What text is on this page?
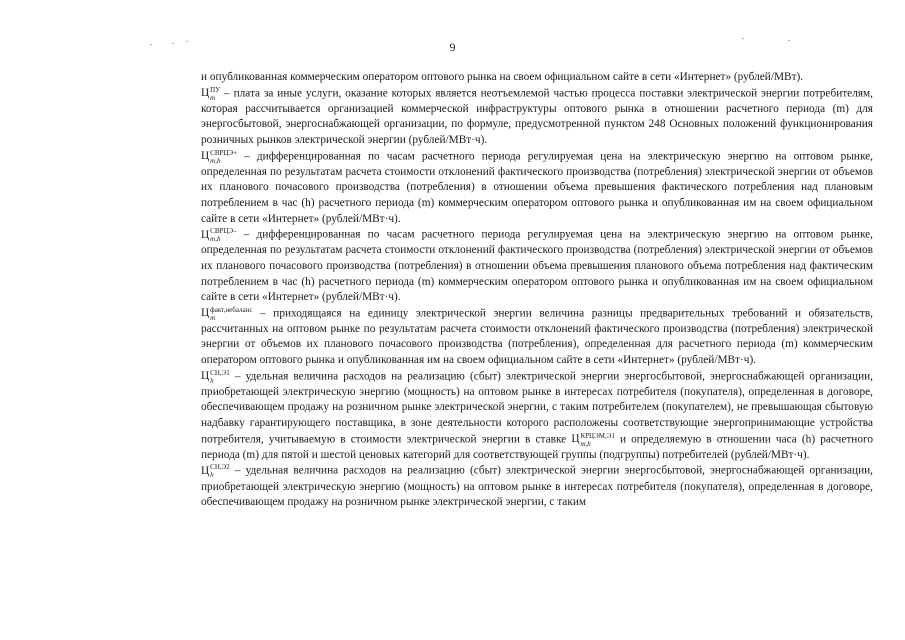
9

и опубликованная коммерческим оператором оптового рынка на своем официальном сайте в сети «Интернет» (рублей/МВт).

Ц ПУ
m – плата за иные услуги, оказание которых является неотъемлемой частью процесса поставки электрической энергии потребителям, которая рассчитывается организацией коммерческой инфраструктуры оптового рынка в отношении расчетного периода (m) для энергосбытовой, энергоснабжающей организации, по формуле, предусмотренной пунктом 248 Основных положений функционирования розничных рынков электрической энергии (рублей/МВт·ч).

Ц СВРЦЭ+
m,h	– дифференцированная по часам расчетного периода регулируемая цена на электрическую энергию на оптовом рынке, определенная по результатам расчета стоимости отклонений фактического производства (потребления) электрической энергии от объемов их планового почасового производства (потребления) в отношении объема превышения фактического потребления над плановым потреблением в час (h) расчетного периода (m) коммерческим оператором оптового рынка и опубликованная им на своем официальном сайте в сети «Интернет» (рублей/МВт·ч).

Ц СВРЦЭ–
m,h	– дифференцированная по часам расчетного периода регулируемая цена на электрическую энергию на оптовом рынке, определенная по результатам расчета стоимости отклонений фактического производства (потребления) электрической энергии от объемов их планового почасового производства (потребления) в отношении объема превышения планового объема потребления над фактическим потреблением в час (h) расчетного периода (m) коммерческим оператором оптового рынка и опубликованная им на своем официальном сайте в сети «Интернет» (рублей/МВт·ч).

Ц факт,небаланс
m	– приходящаяся на единицу электрической энергии величина разницы предварительных требований и обязательств, рассчитанных на оптовом рынке по результатам расчета стоимости отклонений фактического производства (потребления) электрической энергии от объемов их планового почасового производства (потребления), определенная для расчетного периода (m) коммерческим оператором оптового рынка и опубликованная им на своем официальном сайте в сети «Интернет» (рублей/МВт·ч).

Ц СН,Э1
h	– удельная величина расходов на реализацию (сбыт) электрической энергии энергосбытовой, энергоснабжающей организации, приобретающей электрическую энергию (мощность) на оптовом рынке в интересах потребителя (покупателя), определенная в договоре, обеспечивающем продажу на розничном рынке электрической энергии, с таким потребителем (покупателем), не превышающая сбытовую надбавку гарантирующего поставщика, в зоне деятельности которого расположены соответствующие энергопринимающие устройства потребителя, учитываемую в стоимости электрической энергии в ставке Ц КРЦЭМ,Э1
m,h	и определяемую в отношении часа (h) расчетного периода (m) для пятой и шестой ценовых категорий для соответствующей группы (подгруппы) потребителей (рублей/МВт·ч).

Ц СН,Э2
h	– удельная величина расходов на реализацию (сбыт) электрической энергии энергосбытовой, энергоснабжающей организации, приобретающей электрическую энергию (мощность) на оптовом рынке в интересах потребителя (покупателя), определенная в договоре, обеспечивающем продажу на розничном рынке электрической энергии, с таким
